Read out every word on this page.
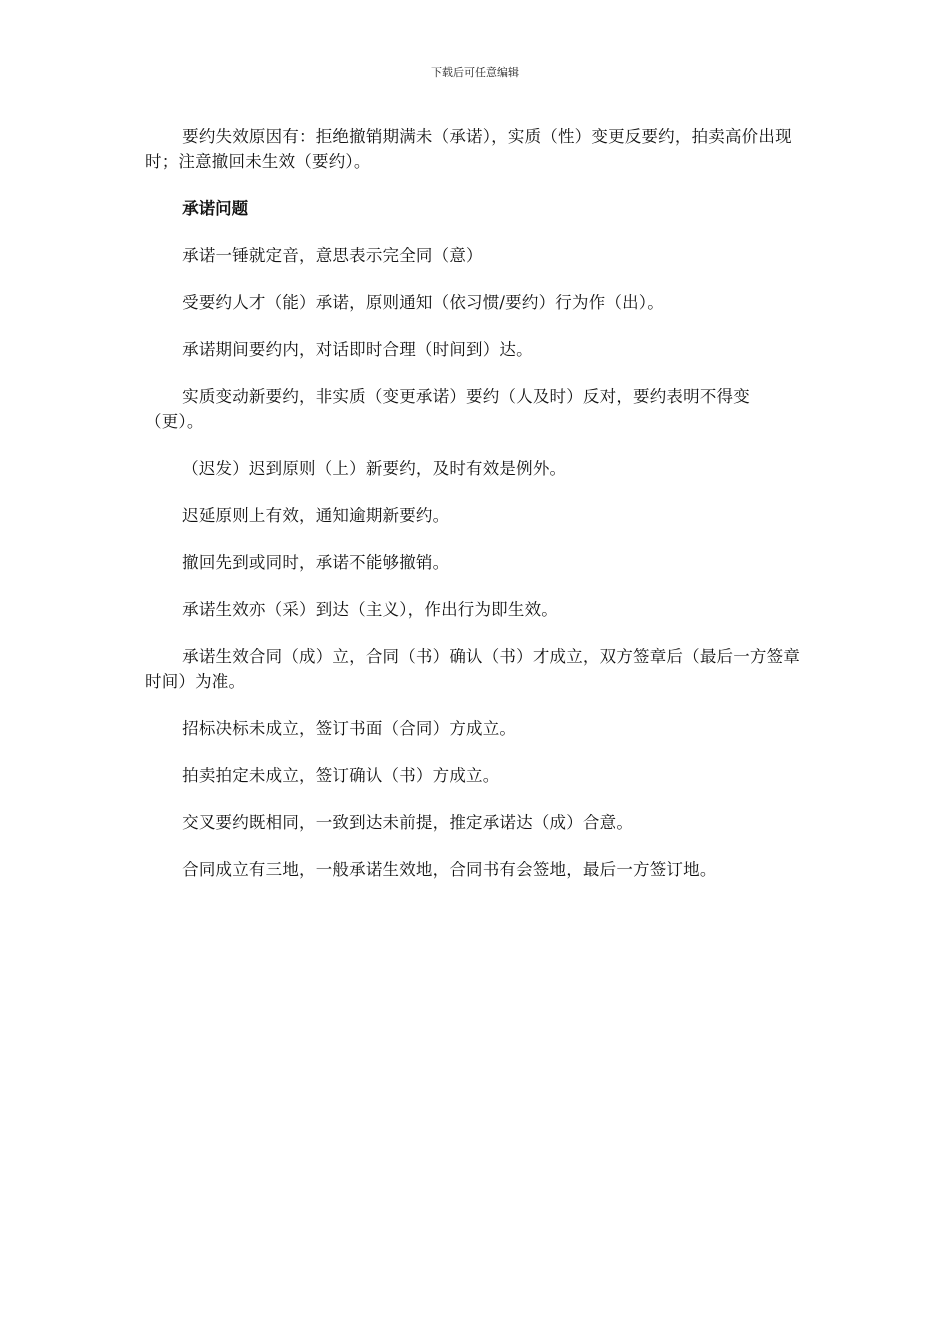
下载后可任意编辑

要约失效原因有：拒绝撤销期满未（承诺），实质（性）变更反要约，拍卖高价出现时；注意撤回未生效（要约）。

承诺问题

承诺一锤就定音，意思表示完全同（意）

受要约人才（能）承诺，原则通知（依习惯/要约）行为作（出）。

承诺期间要约内，对话即时合理（时间到）达。

实质变动新要约，非实质（变更承诺）要约（人及时）反对，要约表明不得变（更）。

（迟发）迟到原则（上）新要约，及时有效是例外。

迟延原则上有效，通知逾期新要约。

撤回先到或同时，承诺不能够撤销。

承诺生效亦（采）到达（主义），作出行为即生效。

承诺生效合同（成）立，合同（书）确认（书）才成立，双方签章后（最后一方签章时间）为准。

招标决标未成立，签订书面（合同）方成立。

拍卖拍定未成立，签订确认（书）方成立。

交叉要约既相同，一致到达未前提，推定承诺达（成）合意。

合同成立有三地，一般承诺生效地，合同书有会签地，最后一方签订地。
